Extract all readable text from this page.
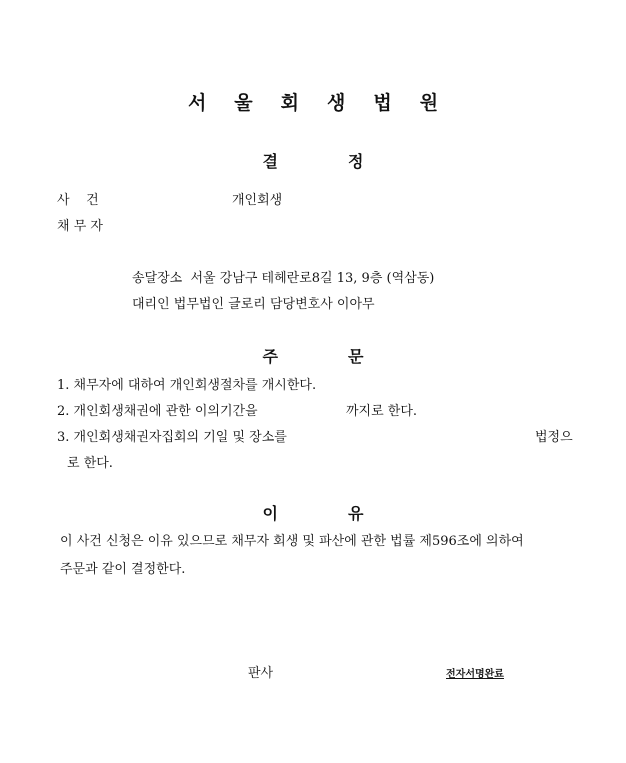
서울회생법원
결	정
사    건	개인회생
채 무 자
송달장소  서울 강남구 테헤란로8길 13, 9층 (역삼동)
대리인 법무법인 글로리 담당변호사 이아무
주	문
1. 채무자에 대하여 개인회생절차를 개시한다.
2. 개인회생채권에 관한 이의기간을	까지로 한다.
3. 개인회생채권자집회의 기일 및 장소를	법정으
로 한다.
이	유
이 사건 신청은 이유 있으므로 채무자 회생 및 파산에 관한 법률 제596조에 의하여
주문과 같이 결정한다.
판사	전자서명완료
